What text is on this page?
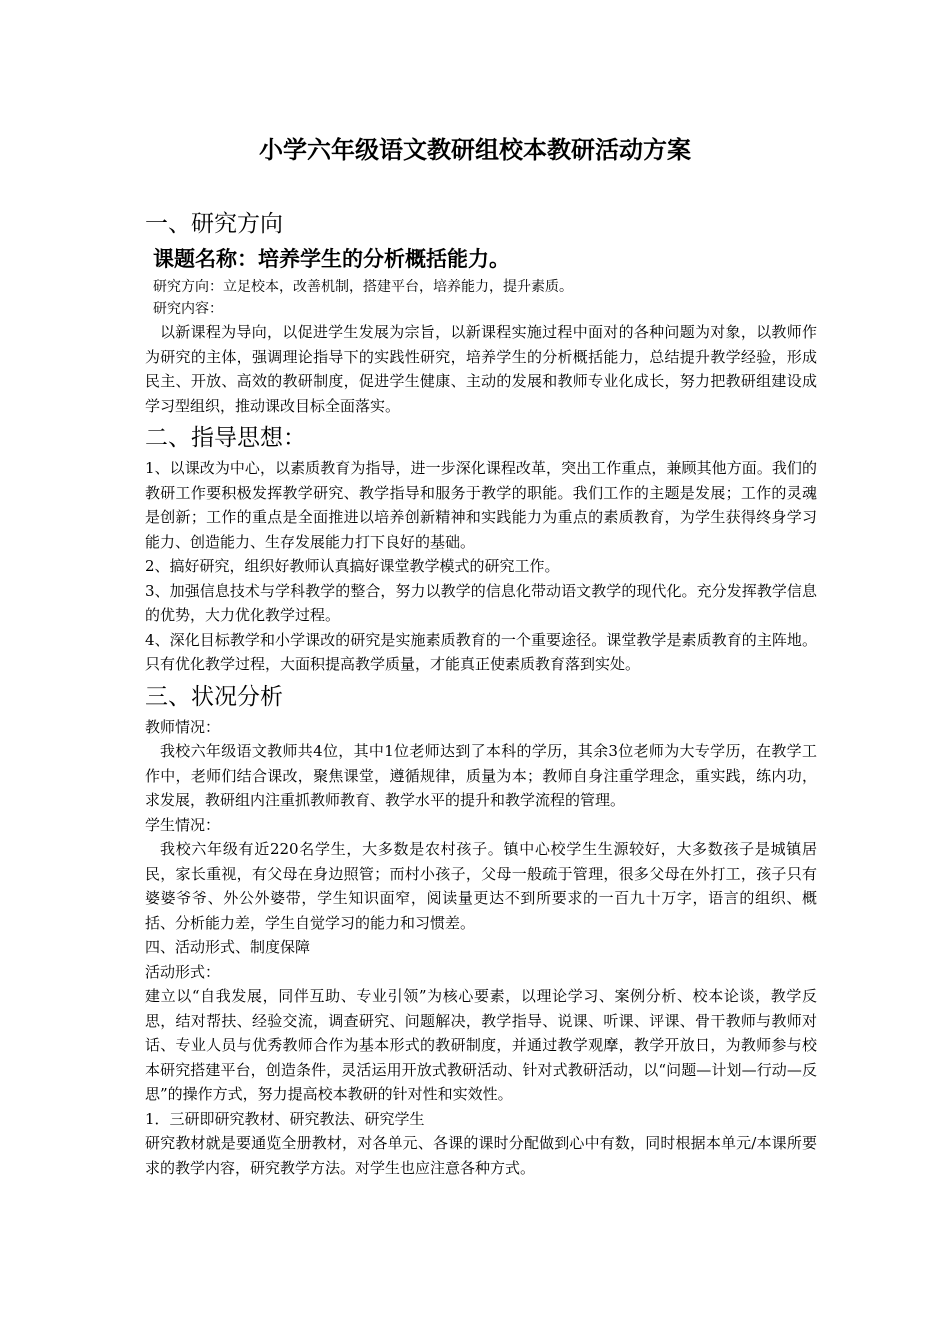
小学六年级语文教研组校本教研活动方案
一、研究方向
课题名称：培养学生的分析概括能力。
研究方向：立足校本，改善机制，搭建平台，培养能力，提升素质。
研究内容：
以新课程为导向，以促进学生发展为宗旨，以新课程实施过程中面对的各种问题为对象，以教师作为研究的主体，强调理论指导下的实践性研究，培养学生的分析概括能力，总结提升教学经验，形成民主、开放、高效的教研制度，促进学生健康、主动的发展和教师专业化成长，努力把教研组建设成学习型组织，推动课改目标全面落实。
二、指导思想：
1、以课改为中心，以素质教育为指导，进一步深化课程改革，突出工作重点，兼顾其他方面。我们的教研工作要积极发挥教学研究、教学指导和服务于教学的职能。我们工作的主题是发展；工作的灵魂是创新；工作的重点是全面推进以培养创新精神和实践能力为重点的素质教育，为学生获得终身学习能力、创造能力、生存发展能力打下良好的基础。
2、搞好研究，组织好教师认真搞好课堂教学模式的研究工作。
3、加强信息技术与学科教学的整合，努力以教学的信息化带动语文教学的现代化。充分发挥教学信息的优势，大力优化教学过程。
4、深化目标教学和小学课改的研究是实施素质教育的一个重要途径。课堂教学是素质教育的主阵地。只有优化教学过程，大面积提高教学质量，才能真正使素质教育落到实处。
三、状况分析
教师情况：
我校六年级语文教师共4位，其中1位老师达到了本科的学历，其余3位老师为大专学历，在教学工作中，老师们结合课改，聚焦课堂，遵循规律，质量为本；教师自身注重学理念，重实践，练内功，求发展，教研组内注重抓教师教育、教学水平的提升和教学流程的管理。
学生情况：
我校六年级有近220名学生，大多数是农村孩子。镇中心校学生生源较好，大多数孩子是城镇居民，家长重视，有父母在身边照管；而村小孩子，父母一般疏于管理，很多父母在外打工，孩子只有婆婆爷爷、外公外婆带，学生知识面窄，阅读量更达不到所要求的一百九十万字，语言的组织、概括、分析能力差，学生自觉学习的能力和习惯差。
四、活动形式、制度保障
活动形式：
建立以“自我发展，同伴互助、专业引领”为核心要素，以理论学习、案例分析、校本论谈，教学反思，结对帮扶、经验交流，调查研究、问题解决，教学指导、说课、听课、评课、骨干教师与教师对话、专业人员与优秀教师合作为基本形式的教研制度，并通过教学观摩，教学开放日，为教师参与校本研究搭建平台，创造条件，灵活运用开放式教研活动、针对式教研活动，以“问题—计划—行动—反思”的操作方式，努力提高校本教研的针对性和实效性。
1．三研即研究教材、研究教法、研究学生
研究教材就是要通览全册教材，对各单元、各课的课时分配做到心中有数，同时根据本单元/本课所要求的教学内容，研究教学方法。对学生也应注意各种方式。
